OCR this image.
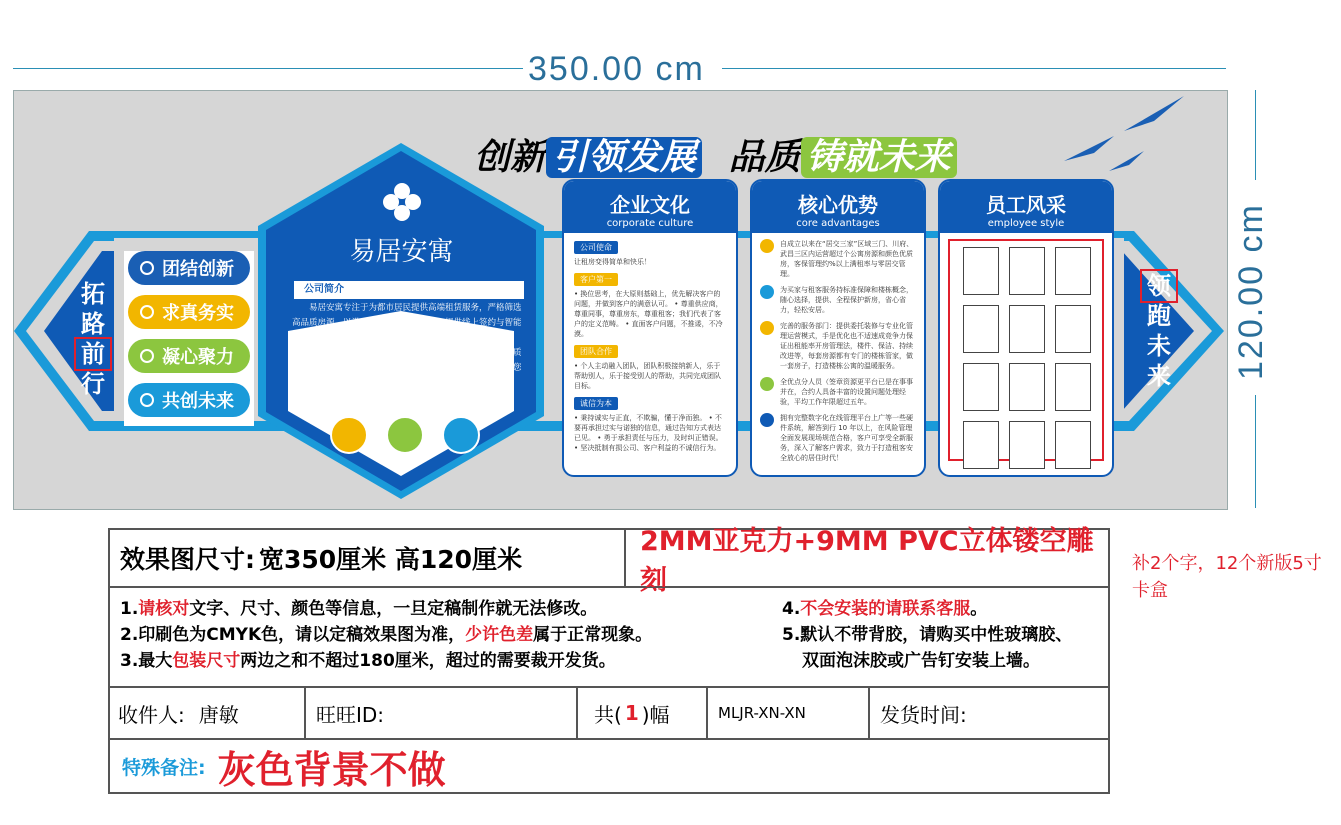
350.00 cm
120.00 cm
创新 引领发展 品质 铸就未来
拓
路
前
行
领
跑
未
来
团结创新
求真务实
凝心聚力
共创未来
易居安寓
公司简介
易居安寓专注于为都市居民提供高端租赁服务，严格筛选高品质房源，以满足年轻群体租房需求，提供线上签约与智能居家管理系统等在内的一站式租赁服务平台，为租户打造舒适、便捷、安心的居住环境。我们创新研发多元化的租房优质产品，为您精心定制租赁委托方案。易居安寓，租房无忧，您的安心之选！
企业文化
corporate culture
公司使命
让租房变得简单和快乐！
客户第一
• 换位思考，在大原则基础上，优先解决客户的问题，并做到客户的满意认可。 • 尊重供应商，尊重同事，尊重房东，尊重租客；我们代表了客户的定义范畴。 • 直面客户问题，不推诿，不冷漠。
团队合作
• 个人主动融入团队，团队积极接纳新人，乐于帮助别人，乐于接受别人的帮助，共同完成团队目标。
诚信为本
• 秉持诚实与正直，不欺骗，懂于净而独。 • 不要再承担过实与诺独的信息，通过告知方式表达已见。 • 勇于承担责任与压力，及时纠正错误。 • 坚决抵制有损公司、客户利益的不诚信行为。
核心优势
core advantages
自成立以来在“居交三家”区域三门、川府、武昌三区内运营超过个公寓房源和颜色优质房，客保管理约%以上满租率与零居交管理。
为买家与租客服务持标准保障和楼栋概念，随心选择，提供、全程保护新房，省心省力，轻松安居。
完善的服务部门：提供委托装修与专业化管理运营模式，手是优化也不适速成竞争力保证出租能率开房管理法，楼件、保洁、持续改进等，每套房源都有专门的楼栋管家，做一套房子，打造楼栋公寓的温暖服务。
全优点分人员（签章资源更平台已是在事事并在，合约人具备丰富的设置问题处理经验，平均工作年限超过五年。
拥有完整数字化在线管理平台上广等一些硬件系统，解答到行 10 年以上，在风险管理全面发展现场规范合格，客户可享受全新服务，深入了解客户需求，致力于打造租客安全放心的居住时代！
员工风采
employee style
效果图尺寸: 宽350厘米 高120厘米
2MM亚克力+9MM PVC立体镂空雕刻
1.请核对文字、尺寸、颜色等信息，一旦定稿制作就无法修改。
2.印刷色为CMYK色，请以定稿效果图为准，少许色差属于正常现象。
3.最大包装尺寸两边之和不超过180厘米，超过的需要裁开发货。
4.不会安装的请联系客服。
5.默认不带背胶，请购买中性玻璃胶、
双面泡沫胶或广告钉安装上墙。
收件人: 唐敏	旺旺ID:	共( 1 )幅	MLJR-XN-XN	发货时间:
特殊备注: 灰色背景不做
补2个字，12个新版5寸卡盒
